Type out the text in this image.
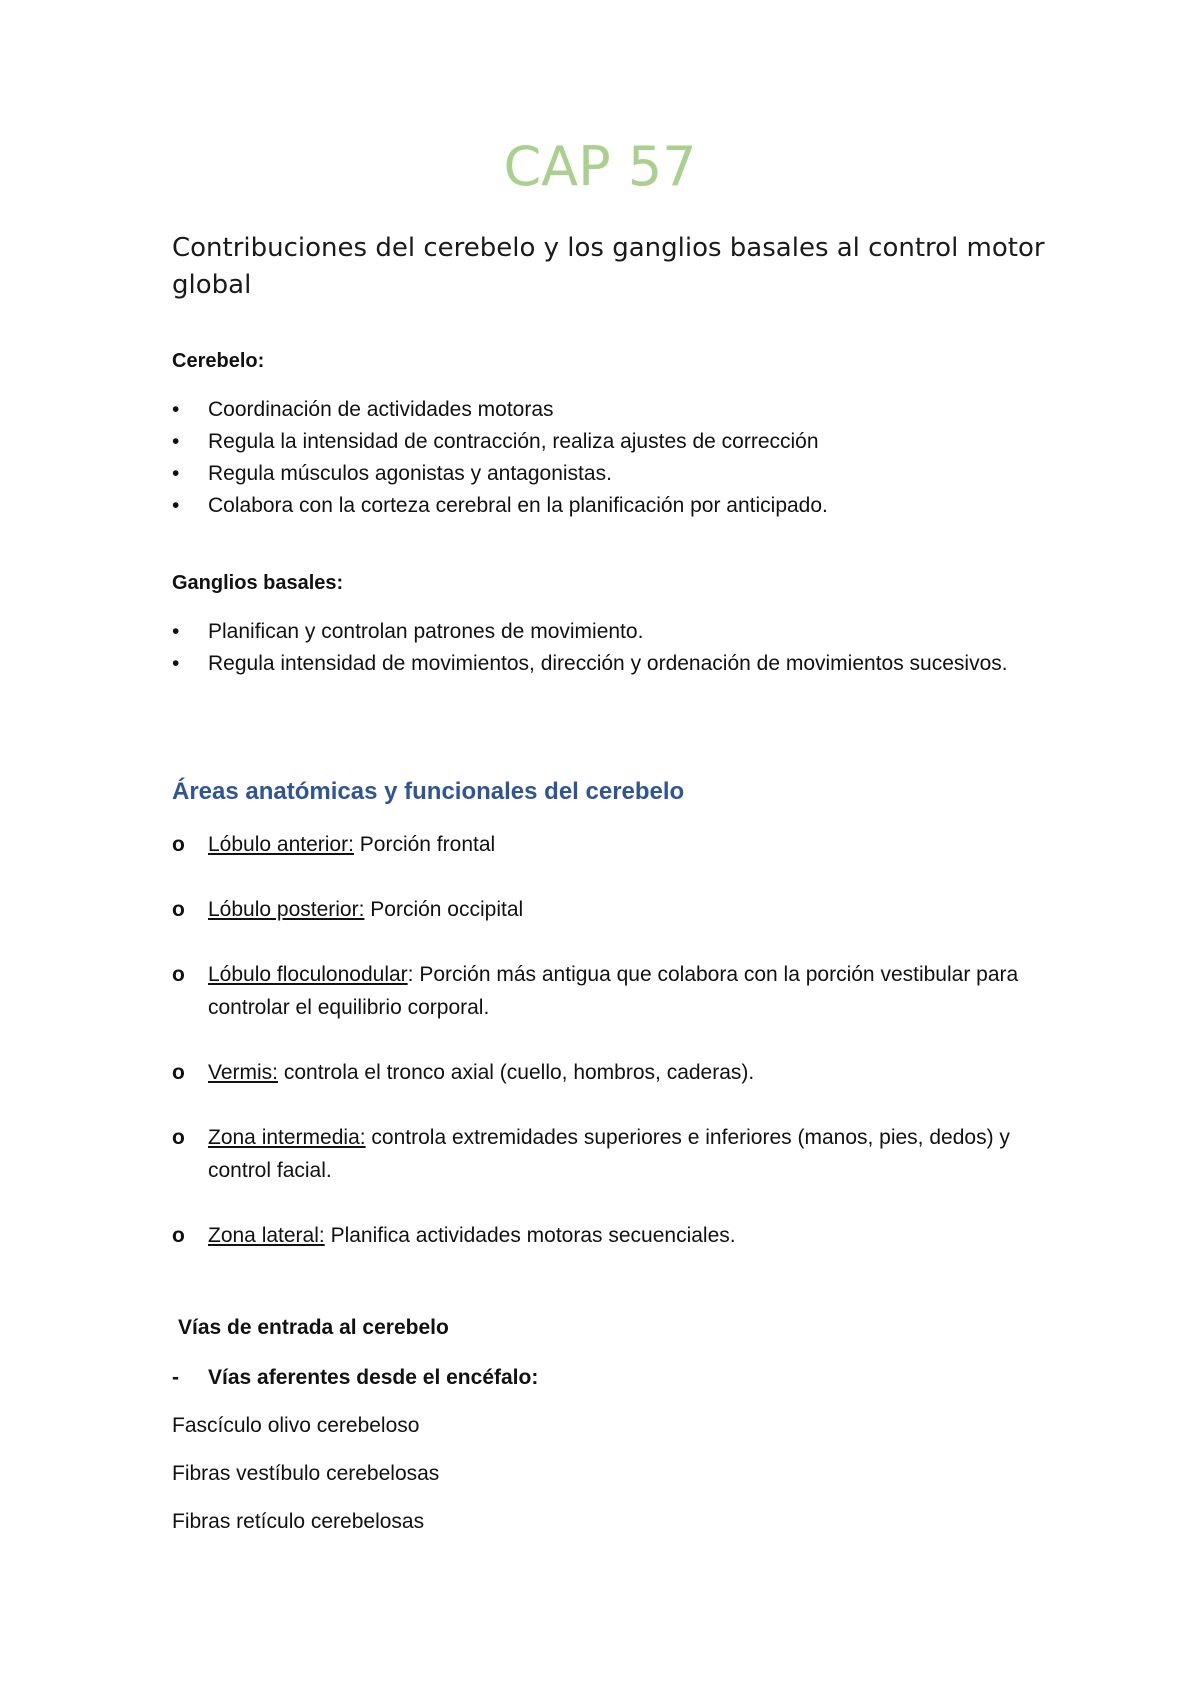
CAP 57
Contribuciones del cerebelo y los ganglios basales al control motor global
Cerebelo:
• Coordinación de actividades motoras
• Regula la intensidad de contracción, realiza ajustes de corrección
• Regula músculos agonistas y antagonistas.
• Colabora con la corteza cerebral en la planificación por anticipado.
Ganglios basales:
• Planifican y controlan patrones de movimiento.
• Regula intensidad de movimientos, dirección y ordenación de movimientos sucesivos.
Áreas anatómicas y funcionales del cerebelo
o Lóbulo anterior: Porción frontal
o Lóbulo posterior: Porción occipital
o Lóbulo floculonodular: Porción más antigua que colabora con la porción vestibular para controlar el equilibrio corporal.
o Vermis: controla el tronco axial (cuello, hombros, caderas).
o Zona intermedia: controla extremidades superiores e inferiores (manos, pies, dedos) y control facial.
o Zona lateral: Planifica actividades motoras secuenciales.
Vías de entrada al cerebelo
- Vías aferentes desde el encéfalo:
Fascículo olivo cerebeloso
Fibras vestíbulo cerebelosas
Fibras retículo cerebelosas
